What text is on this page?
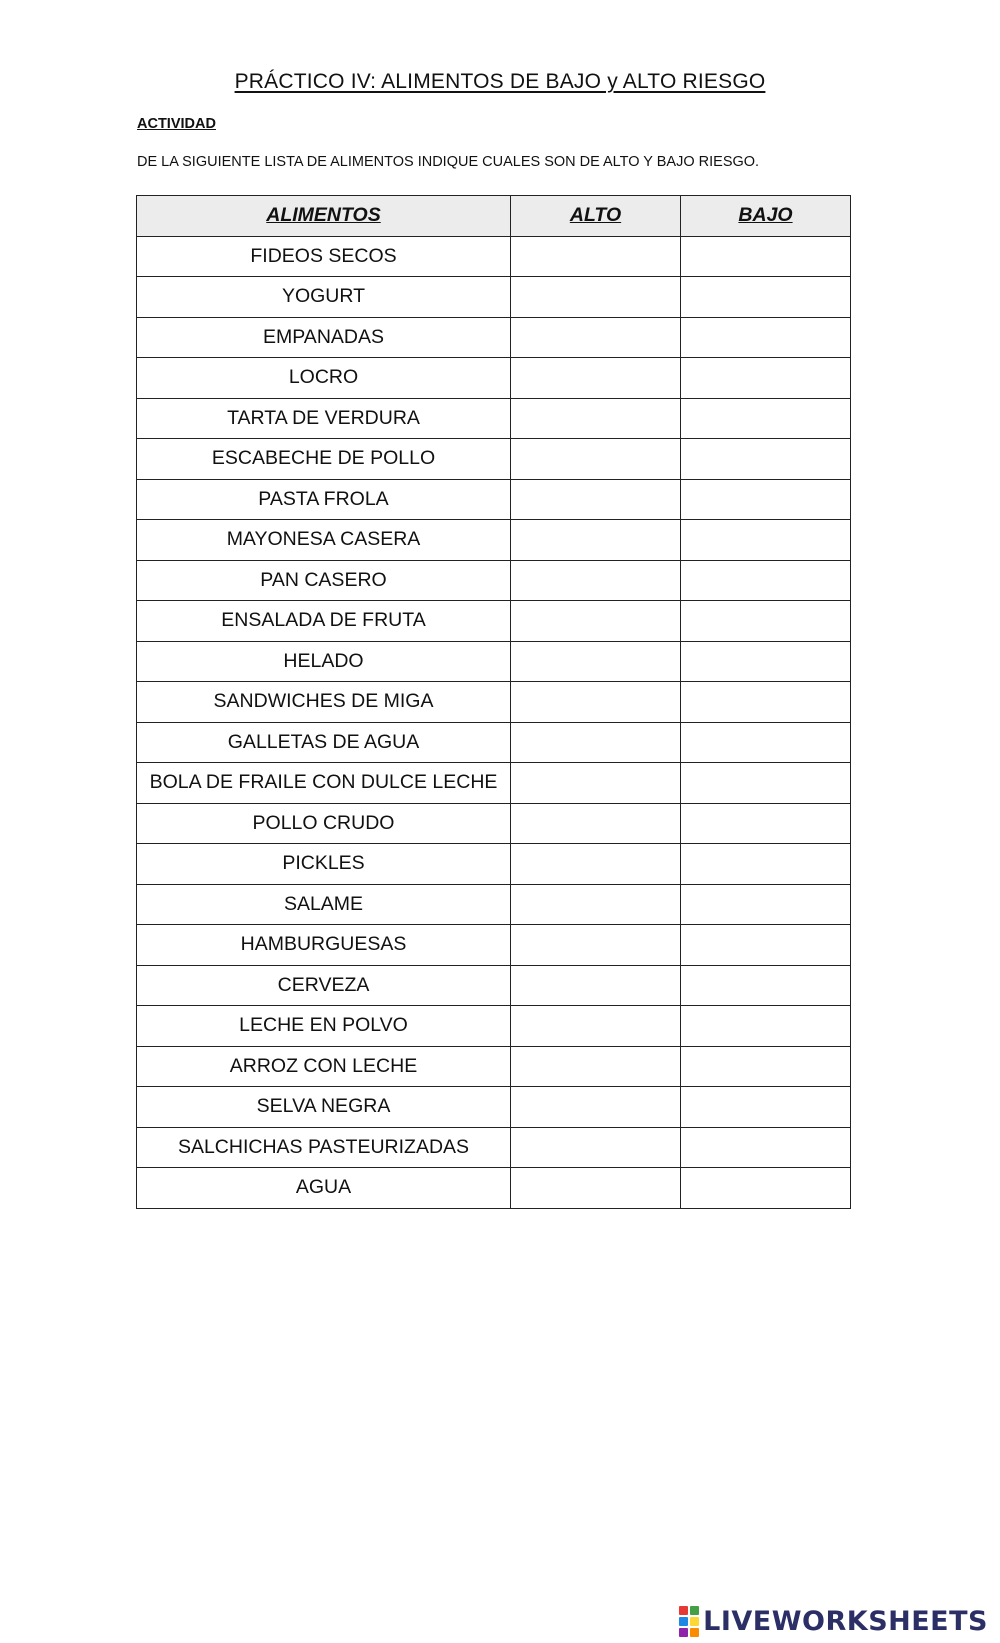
PRÁCTICO IV: ALIMENTOS DE BAJO y ALTO RIESGO
ACTIVIDAD
DE LA SIGUIENTE LISTA DE ALIMENTOS INDIQUE CUALES SON DE ALTO Y BAJO RIESGO.
ALIMENTOS	ALTO	BAJO
FIDEOS SECOS		
YOGURT		
EMPANADAS		
LOCRO		
TARTA DE VERDURA		
ESCABECHE DE POLLO		
PASTA FROLA		
MAYONESA CASERA		
PAN CASERO		
ENSALADA DE FRUTA		
HELADO		
SANDWICHES DE MIGA		
GALLETAS DE AGUA		
BOLA DE FRAILE CON DULCE LECHE		
POLLO CRUDO		
PICKLES		
SALAME		
HAMBURGUESAS		
CERVEZA		
LECHE EN POLVO		
ARROZ CON LECHE		
SELVA NEGRA		
SALCHICHAS PASTEURIZADAS		
AGUA		
LIVEWORKSHEETS
